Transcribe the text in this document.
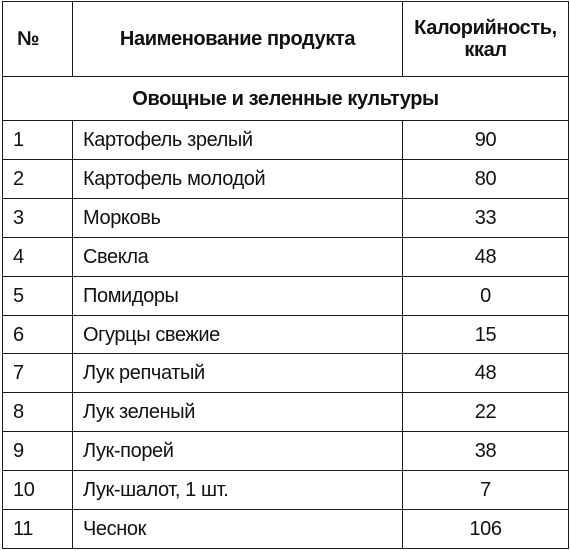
№	Наименование продукта	Калорийность, ккал
Овощные и зеленные культуры		
1	Картофель зрелый	90
2	Картофель молодой	80
3	Морковь	33
4	Свекла	48
5	Помидоры	0
6	Огурцы свежие	15
7	Лук репчатый	48
8	Лук зеленый	22
9	Лук-порей	38
10	Лук-шалот, 1 шт.	7
11	Чеснок	106
